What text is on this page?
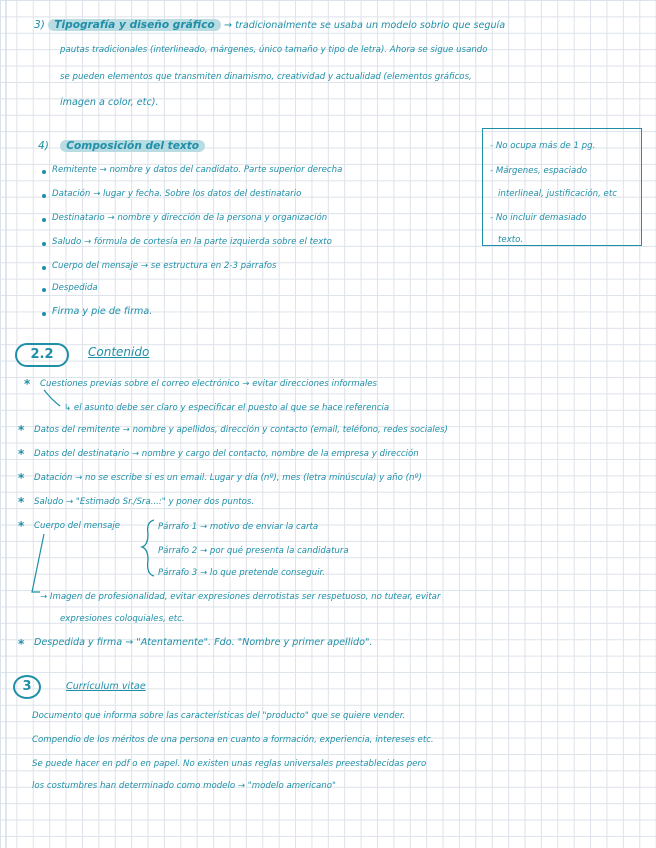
3) Tipografía y diseño gráfico → tradicionalmente se usaba un modelo sobrio que seguía
pautas tradicionales (interlineado, márgenes, único tamaño y tipo de letra). Ahora se sigue usando
se pueden elementos que transmiten dinamismo, creatividad y actualidad (elementos gráficos,
imagen a color, etc).
4) Composición del texto
Remitente → nombre y datos del candidato. Parte superior derecha
Datación → lugar y fecha. Sobre los datos del destinatario
Destinatario → nombre y dirección de la persona y organización
Saludo → fórmula de cortesía en la parte izquierda sobre el texto
Cuerpo del mensaje → se estructura en 2-3 párrafos
Despedida
Firma y pie de firma.
- No ocupa más de 1 pg.
- Márgenes, espaciado
interlineal, justificación, etc
- No incluir demasiado
texto.
2.2	Contenido
* Cuestiones previas sobre el correo electrónico → evitar direcciones informales
↳ el asunto debe ser claro y especificar el puesto al que se hace referencia
* Datos del remitente → nombre y apellidos, dirección y contacto (email, teléfono, redes sociales)
* Datos del destinatario → nombre y cargo del contacto, nombre de la empresa y dirección
* Datación → no se escribe si es un email. Lugar y día (nº), mes (letra minúscula) y año (nº)
* Saludo → "Estimado Sr./Sra...:" y poner dos puntos.
* Cuerpo del mensaje	Párrafo 1 → motivo de enviar la carta
Párrafo 2 → por qué presenta la candidatura
Párrafo 3 → lo que pretende conseguir.
→ Imagen de profesionalidad, evitar expresiones derrotistas ser respetuoso, no tutear, evitar
expresiones coloquiales, etc.
* Despedida y firma → "Atentamente". Fdo. "Nombre y primer apellido".
3	Currículum vitae
Documento que informa sobre las características del "producto" que se quiere vender.
Compendio de los méritos de una persona en cuanto a formación, experiencia, intereses etc.
Se puede hacer en pdf o en papel. No existen unas reglas universales preestablecidas pero
los costumbres han determinado como modelo → "modelo americano"
